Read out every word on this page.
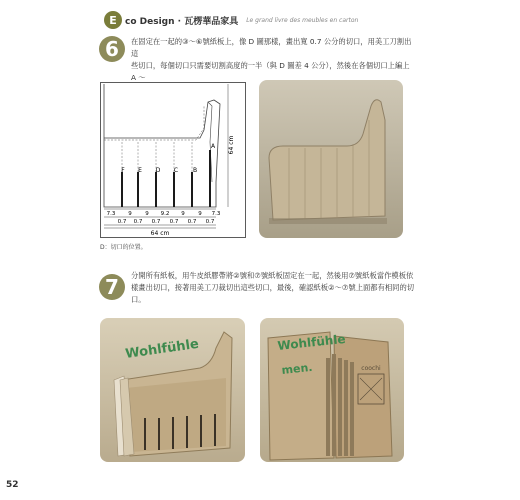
E co Design · 瓦楞華品家具 Le grand livre des meubles en carton
6	在固定在一起的③～⑥號紙板上，像 D 圖那樣，畫出寬 0.7 公分的切口，用美工刀割出這
些切口，每個切口只需要切割高度的一半（與 D 圖差 4 公分），然後在各個切口上編上 A ～
F E D C B
A 64 cm
7.3 9 9 9.2 9 9 7.3
0.7 0.7 0.7 0.7 0.7 0.7
64 cm
D：切口的位置。
7	分開所有紙板，用牛皮紙膠帶將②號和⑦號紙板固定在一起，然後用⑦號紙板當作模板依
樣畫出切口，接著用美工刀裁切出這些切口，最後，確認紙板②～⑦號上面都有相同的切
口。
Wohlfühle	Wohlfühle
men.	coochi
52
